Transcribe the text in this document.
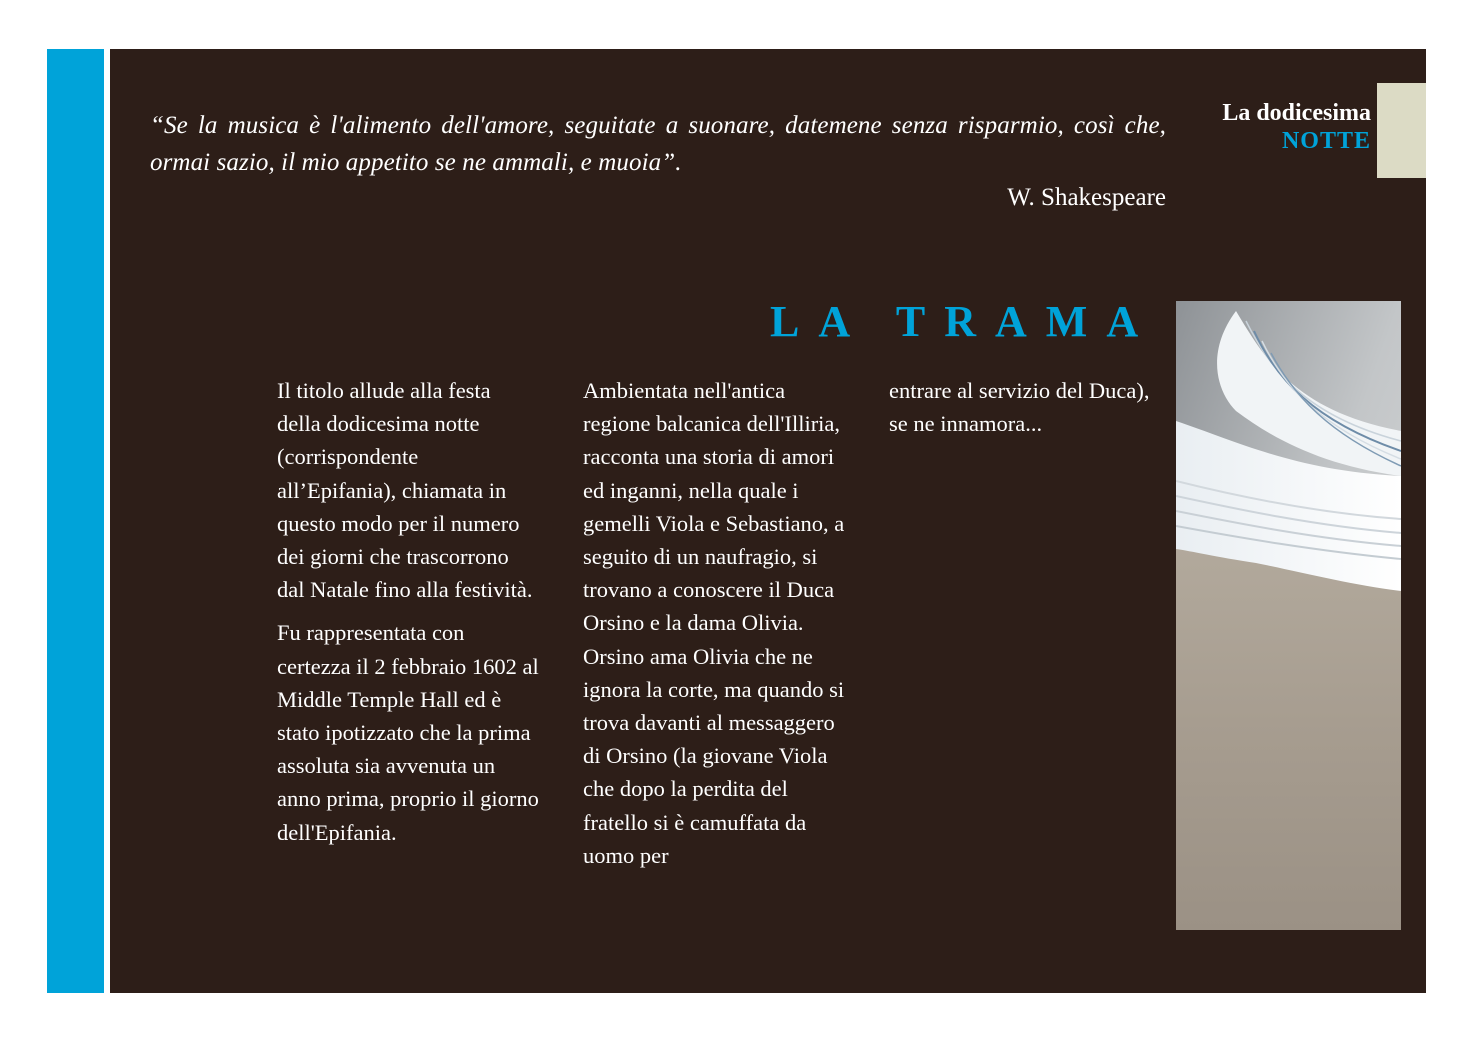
“Se la musica è l'alimento dell'amore, seguitate a suonare, datemene senza risparmio, così che, ormai sazio, il mio appetito se ne ammali, e muoia”.
W. Shakespeare
La dodicesima
NOTTE
LA TRAMA

Il titolo allude alla festa della dodicesima notte (corrispondente all’Epifania), chiamata in questo modo per il numero dei giorni che trascorrono dal Natale fino alla festività.

Fu rappresentata con certezza il 2 febbraio 1602 al Middle Temple Hall ed è stato ipotizzato che la prima assoluta sia avvenuta un anno prima, proprio il giorno dell'Epifania.

Ambientata nell'antica regione balcanica dell'Illiria, racconta una storia di amori ed inganni, nella quale i gemelli Viola e Sebastiano, a seguito di un naufragio, si trovano a conoscere il Duca Orsino e la dama Olivia. Orsino ama Olivia che ne ignora la corte, ma quando si trova davanti al messaggero di Orsino (la giovane Viola che dopo la perdita del fratello si è camuffata da uomo per

entrare al servizio del Duca), se ne innamora...
